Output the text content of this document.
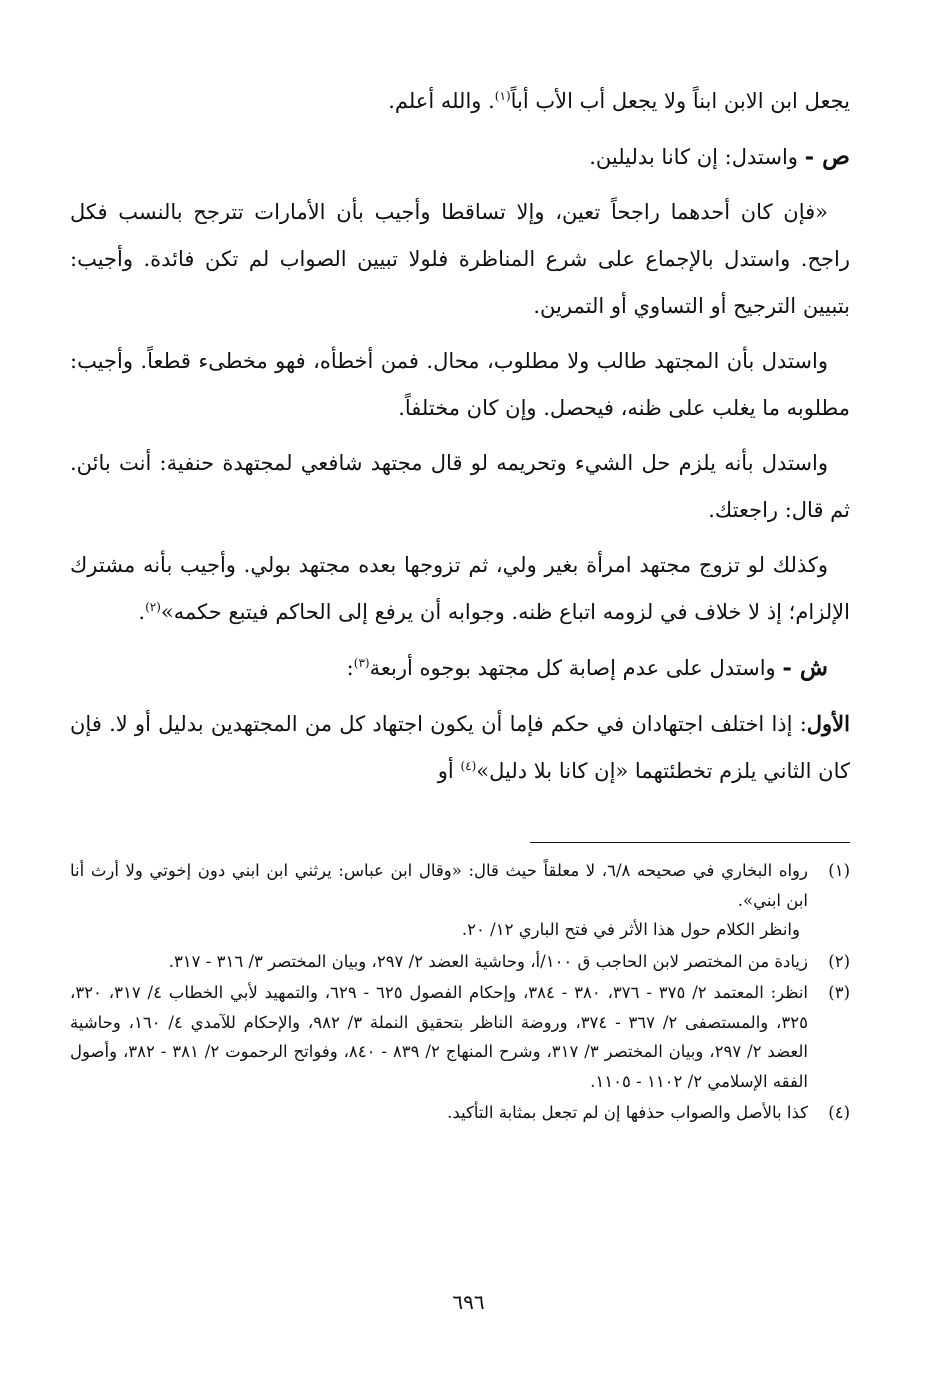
يجعل ابن الابن ابناً ولا يجعل أب الأب أباً$^{(١)}$. والله أعلم.

ص - واستدل: إن كانا بدليلين.

«فإن كان أحدهما راجحاً تعين، وإلا تساقطا وأجيب بأن الأمارات تترجح بالنسب فكل راجح. واستدل بالإجماع على شرع المناظرة فلولا تبيين الصواب لم تكن فائدة. وأجيب: بتبيين الترجيح أو التساوي أو التمرين.

واستدل بأن المجتهد طالب ولا مطلوب، محال. فمن أخطأه، فهو مخطىء قطعاً. وأجيب: مطلوبه ما يغلب على ظنه، فيحصل. وإن كان مختلفاً.

واستدل بأنه يلزم حل الشيء وتحريمه لو قال مجتهد شافعي لمجتهدة حنفية: أنت بائن. ثم قال: راجعتك.

وكذلك لو تزوج مجتهد امرأة بغير ولي، ثم تزوجها بعده مجتهد بولي. وأجيب بأنه مشترك الإلزام؛ إذ لا خلاف في لزومه اتباع ظنه. وجوابه أن يرفع إلى الحاكم فيتبع حكمه»$^{(٢)}$.

ش - واستدل على عدم إصابة كل مجتهد بوجوه أربعة$^{(٣)}$:

الأول: إذا اختلف اجتهادان في حكم فإما أن يكون اجتهاد كل من المجتهدين بدليل أو لا. فإن كان الثاني يلزم تخطئتهما «إن كانا بلا دليل»$^{(٤)}$ أو

(١)
رواه البخاري في صحيحه ٦/٨، لا معلقاً حيث قال: «وقال ابن عباس: يرثني ابن ابني دون إخوتي ولا أرث أنا ابن ابني».
وانظر الكلام حول هذا الأثر في فتح الباري ١٢/ ٢٠.
(٢)
زيادة من المختصر لابن الحاجب ق ١٠٠/أ، وحاشية العضد ٢/ ٢٩٧، وبيان المختصر ٣/ ٣١٦ - ٣١٧.
(٣)
انظر: المعتمد ٢/ ٣٧٥ - ٣٧٦، ٣٨٠ - ٣٨٤، وإحكام الفصول ٦٢٥ - ٦٢٩، والتمهيد لأبي الخطاب ٤/ ٣١٧، ٣٢٠، ٣٢٥، والمستصفى ٢/ ٣٦٧ - ٣٧٤، وروضة الناظر بتحقيق النملة ٣/ ٩٨٢، والإحكام للآمدي ٤/ ١٦٠، وحاشية العضد ٢/ ٢٩٧، وبيان المختصر ٣/ ٣١٧، وشرح المنهاج ٢/ ٨٣٩ - ٨٤٠، وفواتح الرحموت ٢/ ٣٨١ - ٣٨٢، وأصول الفقه الإسلامي ٢/ ١١٠٢ - ١١٠٥.
(٤)
كذا بالأصل والصواب حذفها إن لم تجعل بمثابة التأكيد.
٦٩٦
